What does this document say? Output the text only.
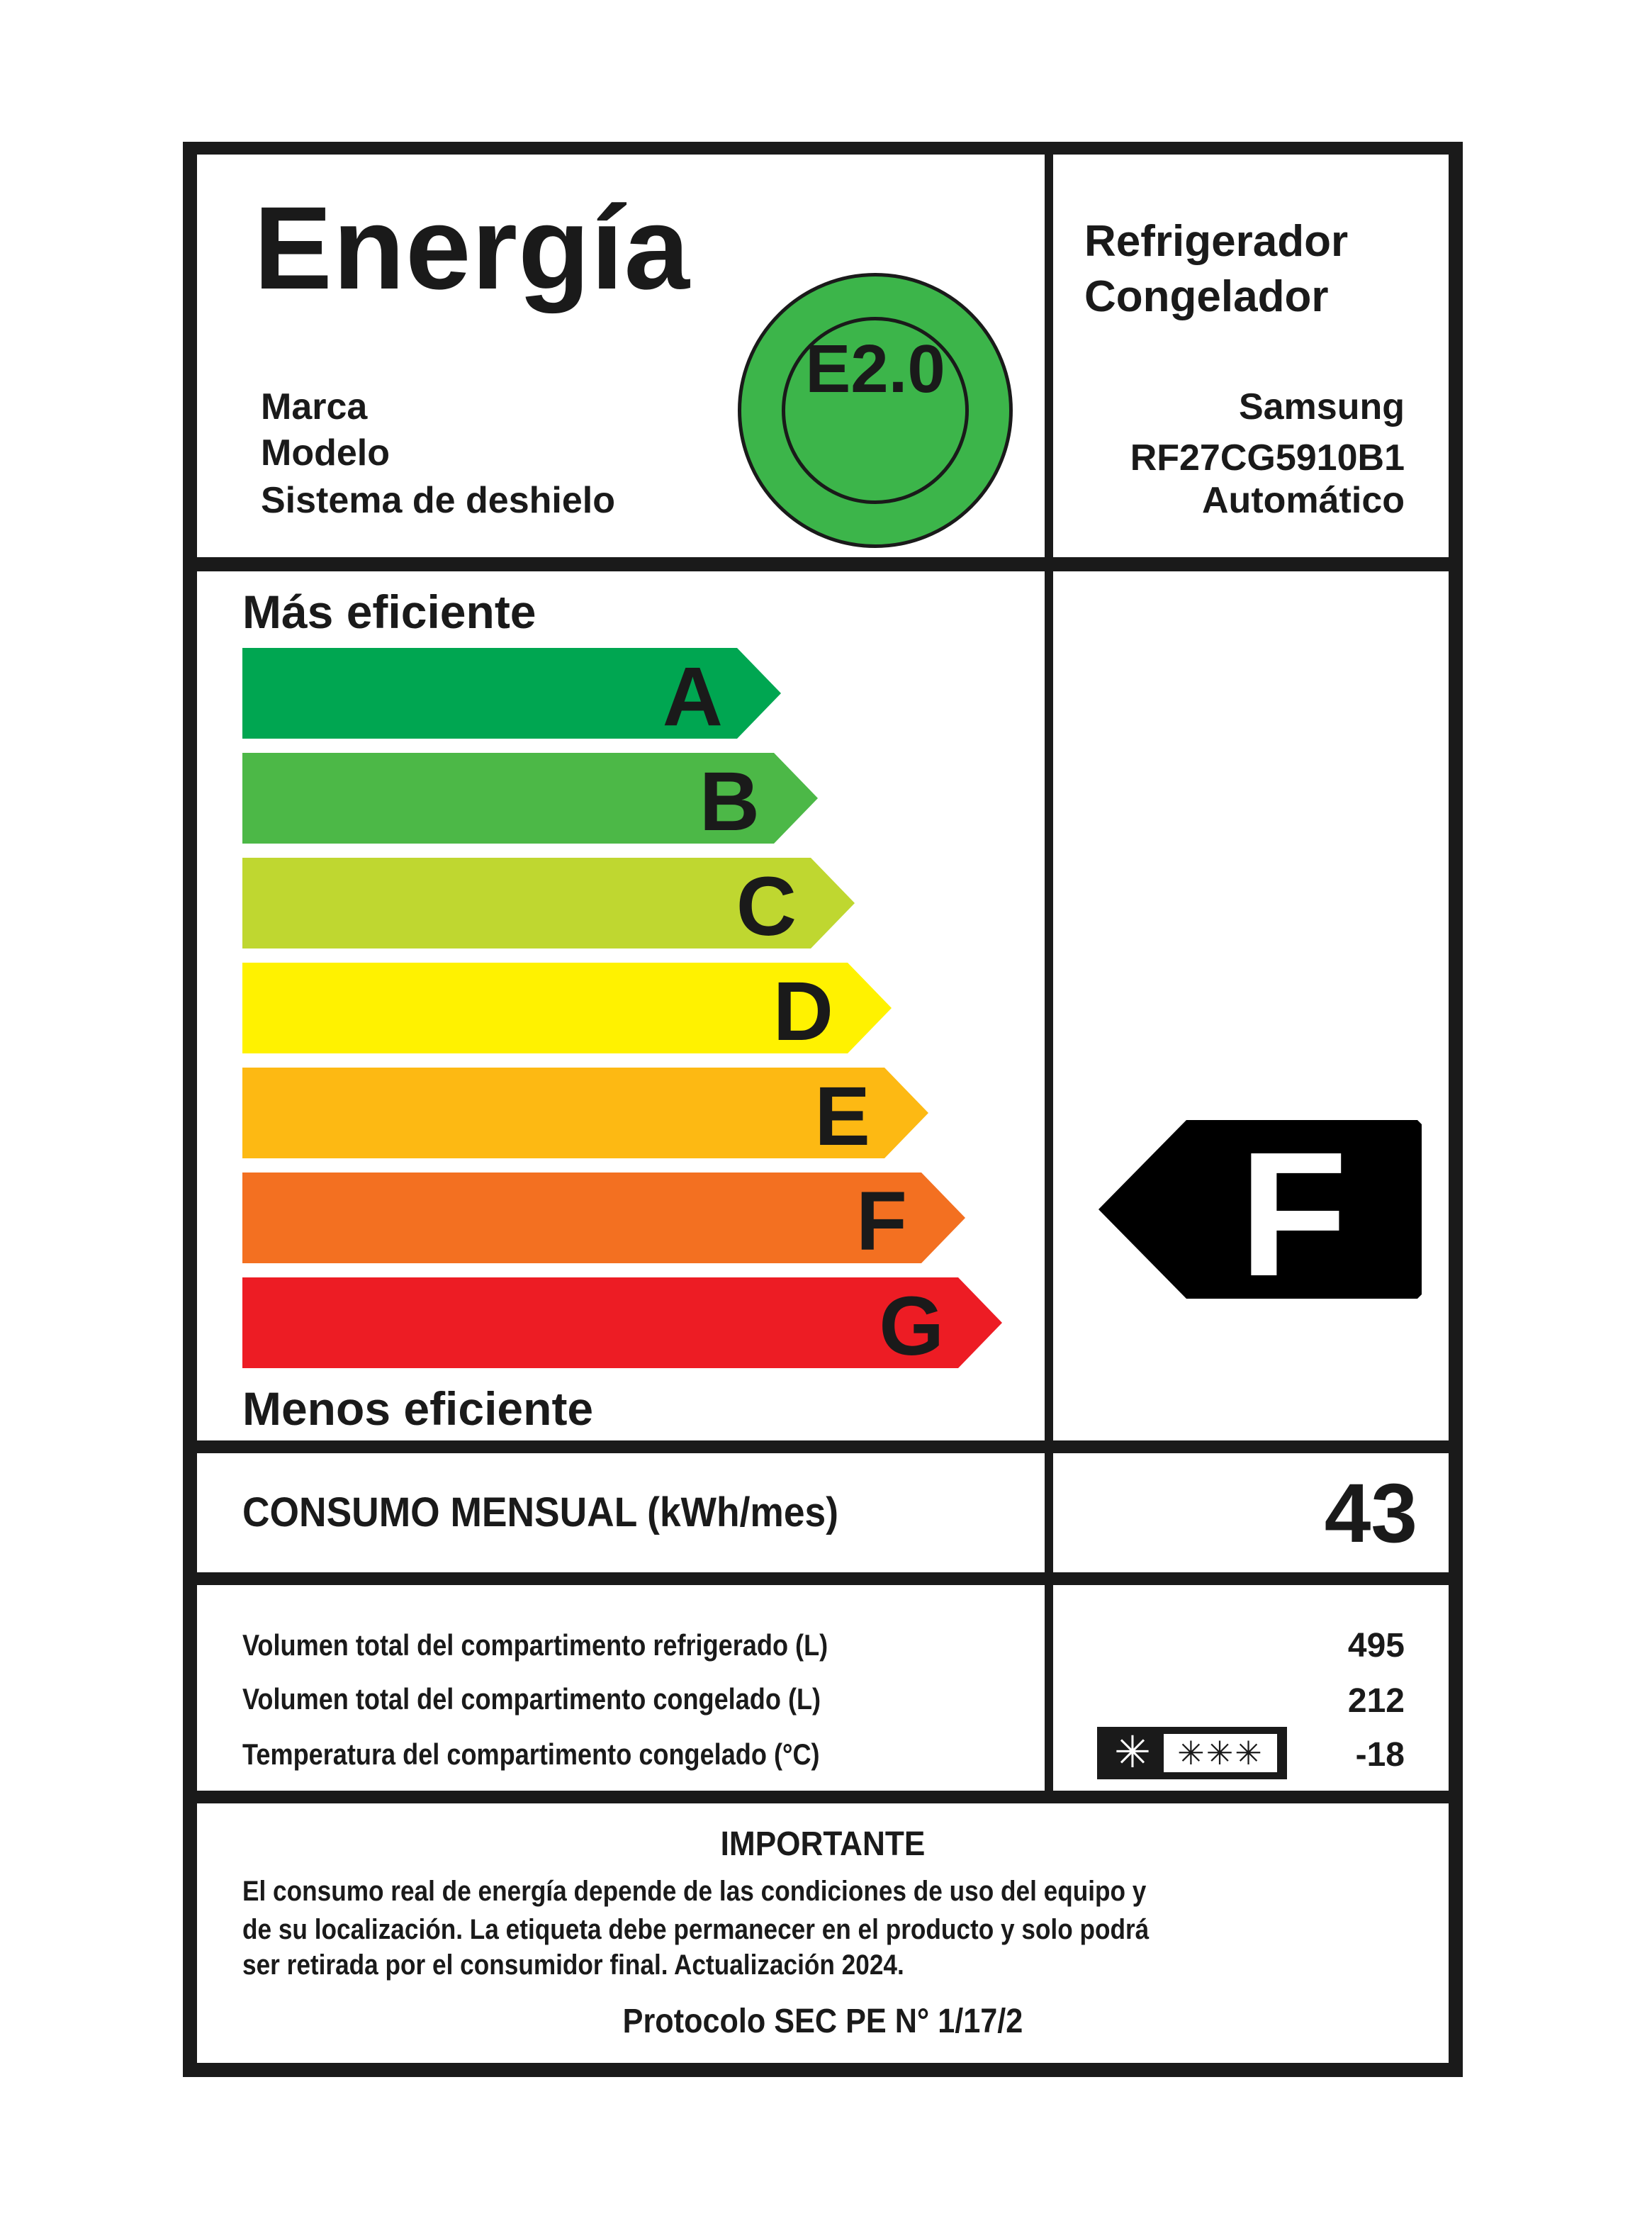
Energía
Marca
Modelo
Sistema de deshielo
E2.0
Refrigerador
Congelador
Samsung
RF27CG5910B1
Automático
Más eficiente
A
B
C
D
E
F
G
Menos eficiente
F
CONSUMO MENSUAL (kWh/mes)	43
Volumen total del compartimento refrigerado (L)
Volumen total del compartimento congelado (L)
Temperatura del compartimento congelado (°C)
495
212
-18
✳ ✳✳✳
IMPORTANTE
El consumo real de energía depende de las condiciones de uso del equipo y
de su localización. La etiqueta debe permanecer en el producto y solo podrá
ser retirada por el consumidor final. Actualización 2024.
Protocolo SEC PE N° 1/17/2
